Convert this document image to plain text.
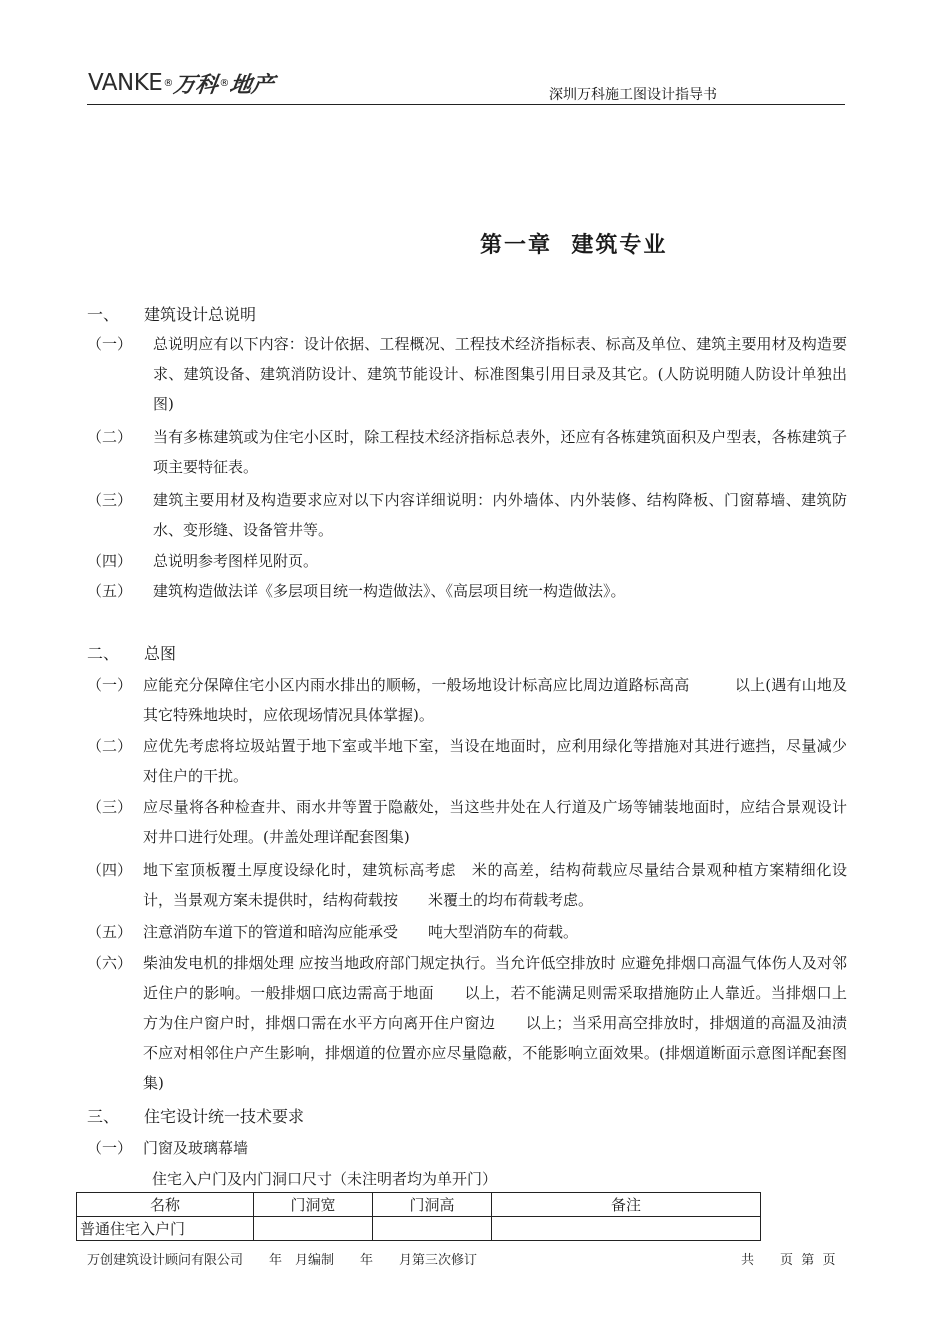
VANKE ®
万科 ®
地产	深圳万科施工图设计指导书
第一章  建筑专业
一、 建筑设计总说明
（一）	总说明应有以下内容：设计依据、工程概况、工程技术经济指标表、标高及单位、建筑主要用材及构造要求、建筑设备、建筑消防设计、建筑节能设计、标准图集引用目录及其它。(人防说明随人防设计单独出图)
（二） 当有多栋建筑或为住宅小区时，除工程技术经济指标总表外，还应有各栋建筑面积及户型表，各栋建筑子项主要特征表。
（三） 建筑主要用材及构造要求应对以下内容详细说明：内外墙体、内外装修、结构降板、门窗幕墙、建筑防水、变形缝、设备管井等。
（四） 总说明参考图样见附页。
（五） 建筑构造做法详《多层项目统一构造做法》、《高层项目统一构造做法》。
二、 总图
（一） 应能充分保障住宅小区内雨水排出的顺畅，一般场地设计标高应比周边道路标高高　　　以上(遇有山地及其它特殊地块时，应依现场情况具体掌握)。
（二） 应优先考虑将垃圾站置于地下室或半地下室，当设在地面时，应利用绿化等措施对其进行遮挡，尽量减少对住户的干扰。
（三） 应尽量将各种检查井、雨水井等置于隐蔽处，当这些井处在人行道及广场等铺装地面时，应结合景观设计对井口进行处理。(井盖处理详配套图集)
（四） 地下室顶板覆土厚度设绿化时，建筑标高考虑　米的高差，结构荷载应尽量结合景观种植方案精细化设计，当景观方案未提供时，结构荷载按　　米覆土的均布荷载考虑。
（五） 注意消防车道下的管道和暗沟应能承受　　吨大型消防车的荷载。
（六） 柴油发电机的排烟处理 应按当地政府部门规定执行。当允许低空排放时 应避免排烟口高温气体伤人及对邻近住户的影响。一般排烟口底边需高于地面　　以上，若不能满足则需采取措施防止人靠近。当排烟口上方为住户窗户时，排烟口需在水平方向离开住户窗边　　以上；当采用高空排放时，排烟道的高温及油渍不应对相邻住户产生影响，排烟道的位置亦应尽量隐蔽，不能影响立面效果。(排烟道断面示意图详配套图集)
三、 住宅设计统一技术要求
（一） 门窗及玻璃幕墙
住宅入户门及内门洞口尺寸（未注明者均为单开门）
名称	门洞宽	门洞高	备注
普通住宅入户门			
万创建筑设计顾问有限公司　　年　月编制　　年　　月第三次修订	共　　页  第  页
